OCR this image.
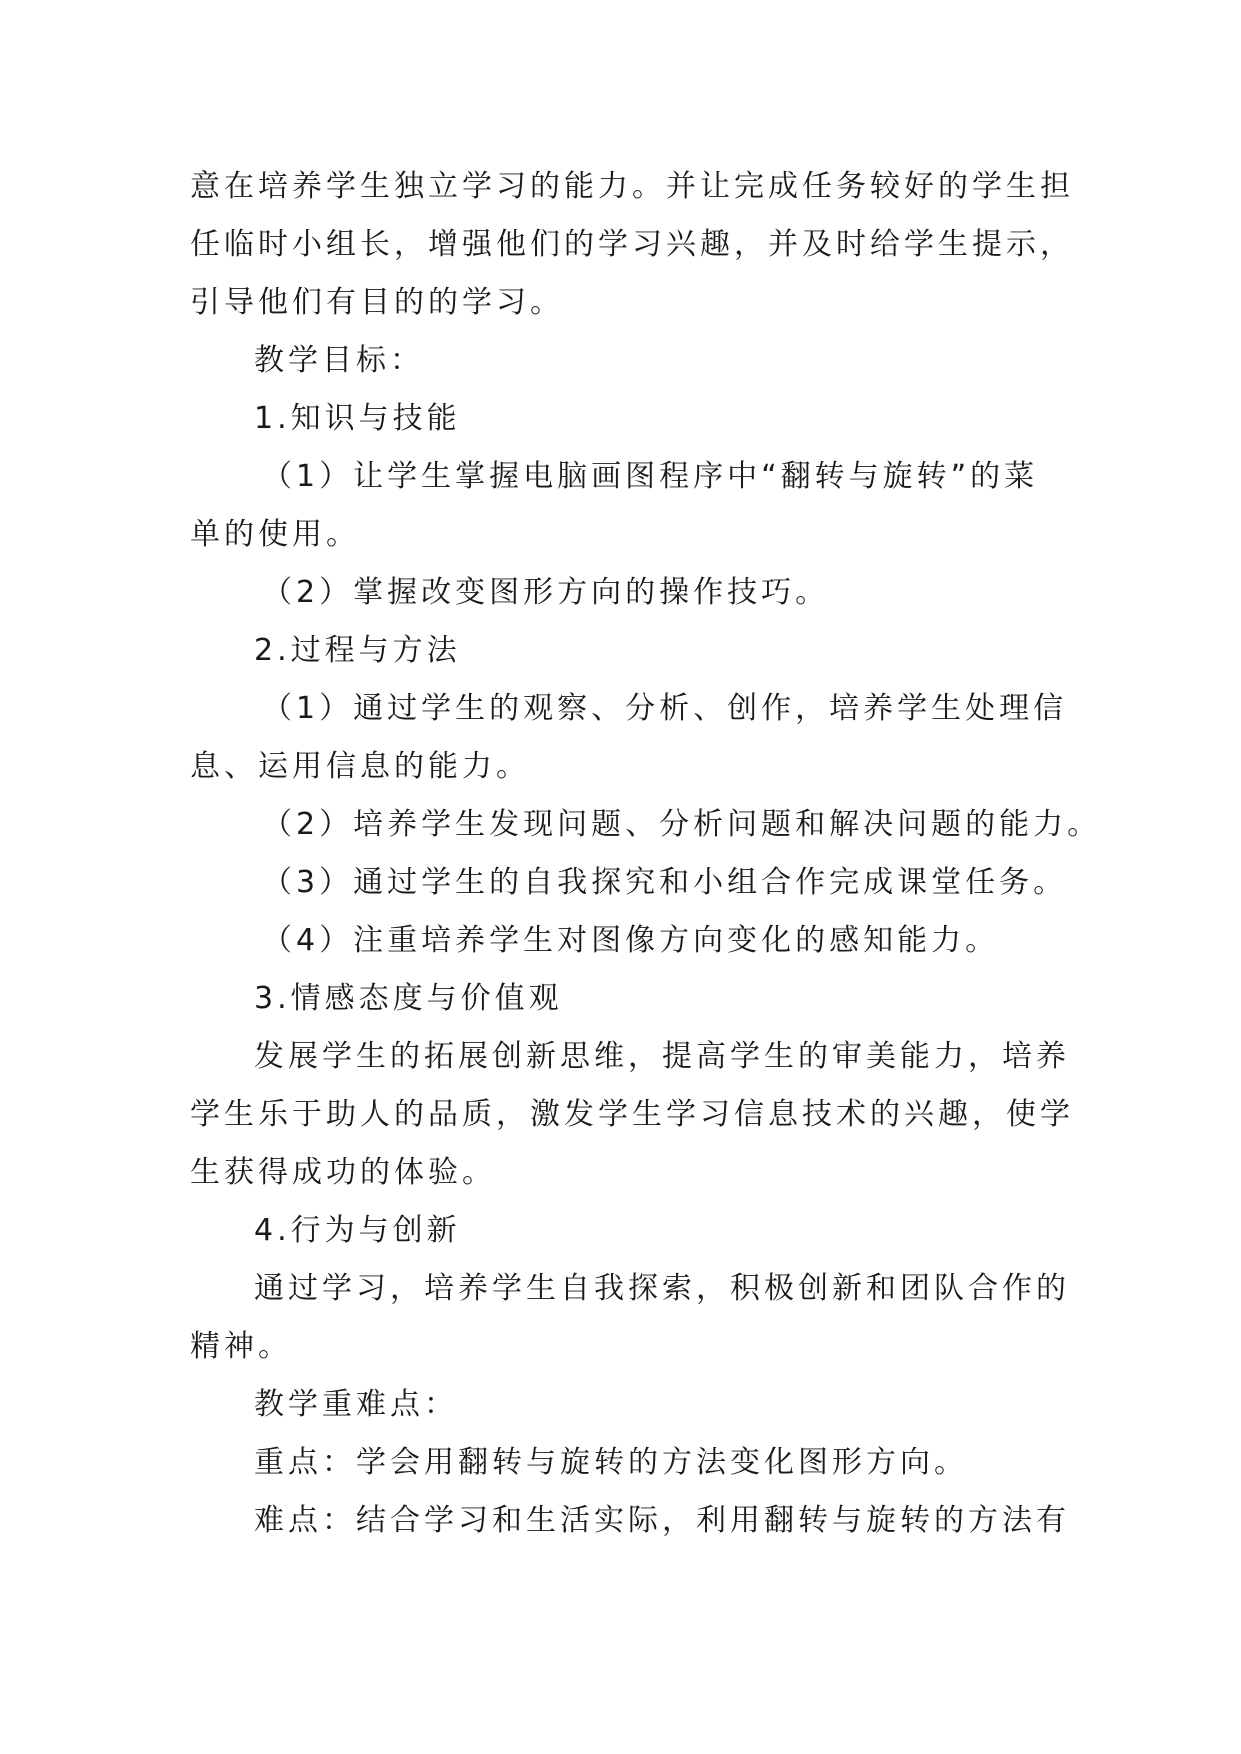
意在培养学生独立学习的能力。并让完成任务较好的学生担
任临时小组长，增强他们的学习兴趣，并及时给学生提示，
引导他们有目的的学习。
教学目标：
1.知识与技能
（1）让学生掌握电脑画图程序中“翻转与旋转”的菜
单的使用。
（2）掌握改变图形方向的操作技巧。
2.过程与方法
（1）通过学生的观察、分析、创作，培养学生处理信
息、运用信息的能力。
（2）培养学生发现问题、分析问题和解决问题的能力。
（3）通过学生的自我探究和小组合作完成课堂任务。
（4）注重培养学生对图像方向变化的感知能力。
3.情感态度与价值观
发展学生的拓展创新思维，提高学生的审美能力，培养
学生乐于助人的品质，激发学生学习信息技术的兴趣，使学
生获得成功的体验。
4.行为与创新
通过学习，培养学生自我探索，积极创新和团队合作的
精神。
教学重难点：
重点：学会用翻转与旋转的方法变化图形方向。
难点：结合学习和生活实际，利用翻转与旋转的方法有
